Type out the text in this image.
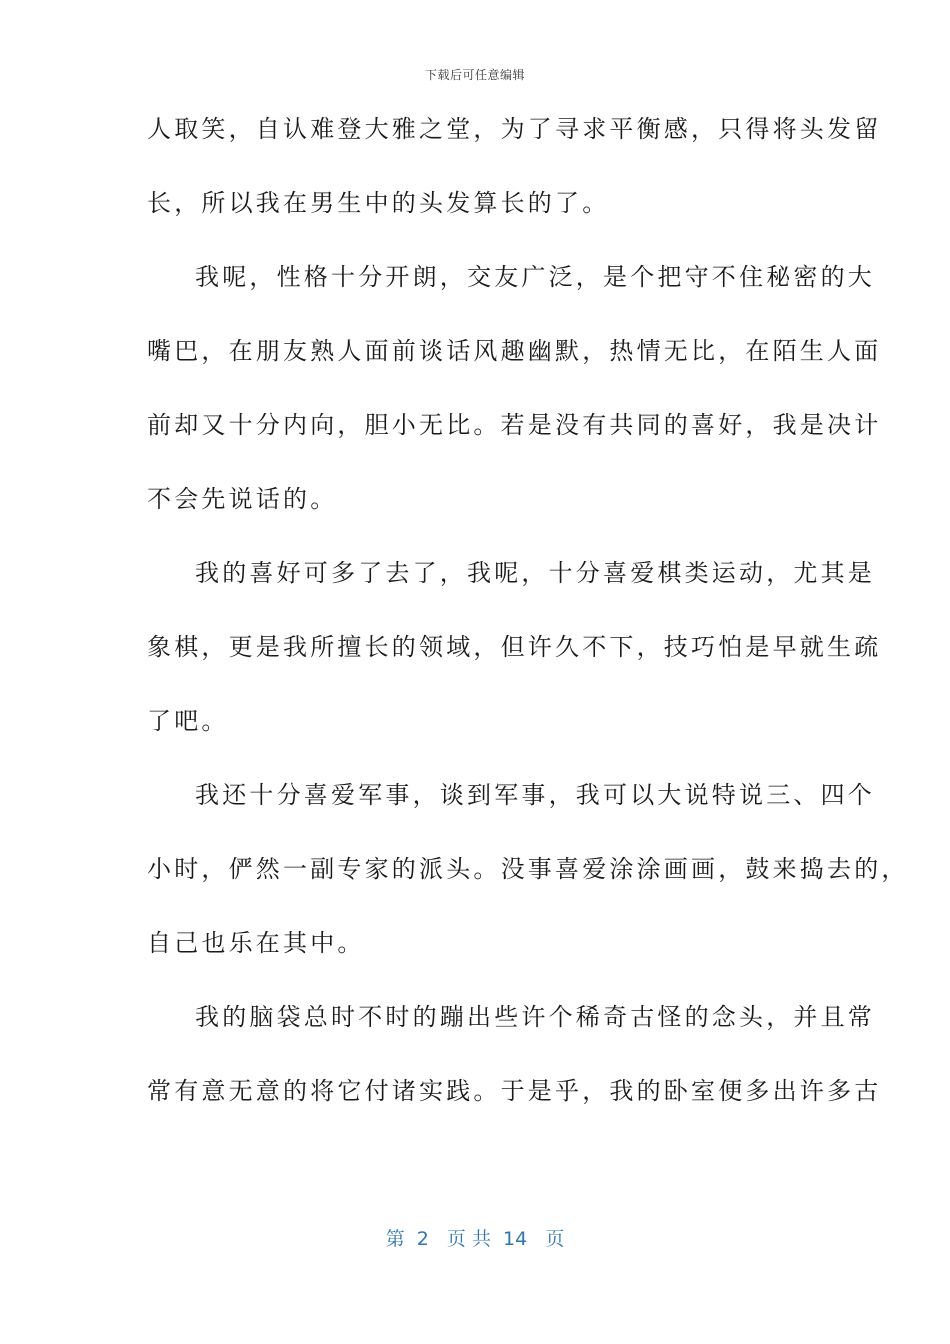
下载后可任意编辑
人取笑，自认难登大雅之堂，为了寻求平衡感，只得将头发留
长，所以我在男生中的头发算长的了。
我呢，性格十分开朗，交友广泛，是个把守不住秘密的大
嘴巴，在朋友熟人面前谈话风趣幽默，热情无比，在陌生人面
前却又十分内向，胆小无比。若是没有共同的喜好，我是决计
不会先说话的。
我的喜好可多了去了，我呢，十分喜爱棋类运动，尤其是
象棋，更是我所擅长的领域，但许久不下，技巧怕是早就生疏
了吧。
我还十分喜爱军事，谈到军事，我可以大说特说三、四个
小时，俨然一副专家的派头。没事喜爱涂涂画画，鼓来捣去的，
自己也乐在其中。
我的脑袋总时不时的蹦出些许个稀奇古怪的念头，并且常
常有意无意的将它付诸实践。于是乎，我的卧室便多出许多古
第  2   页 共  14   页
